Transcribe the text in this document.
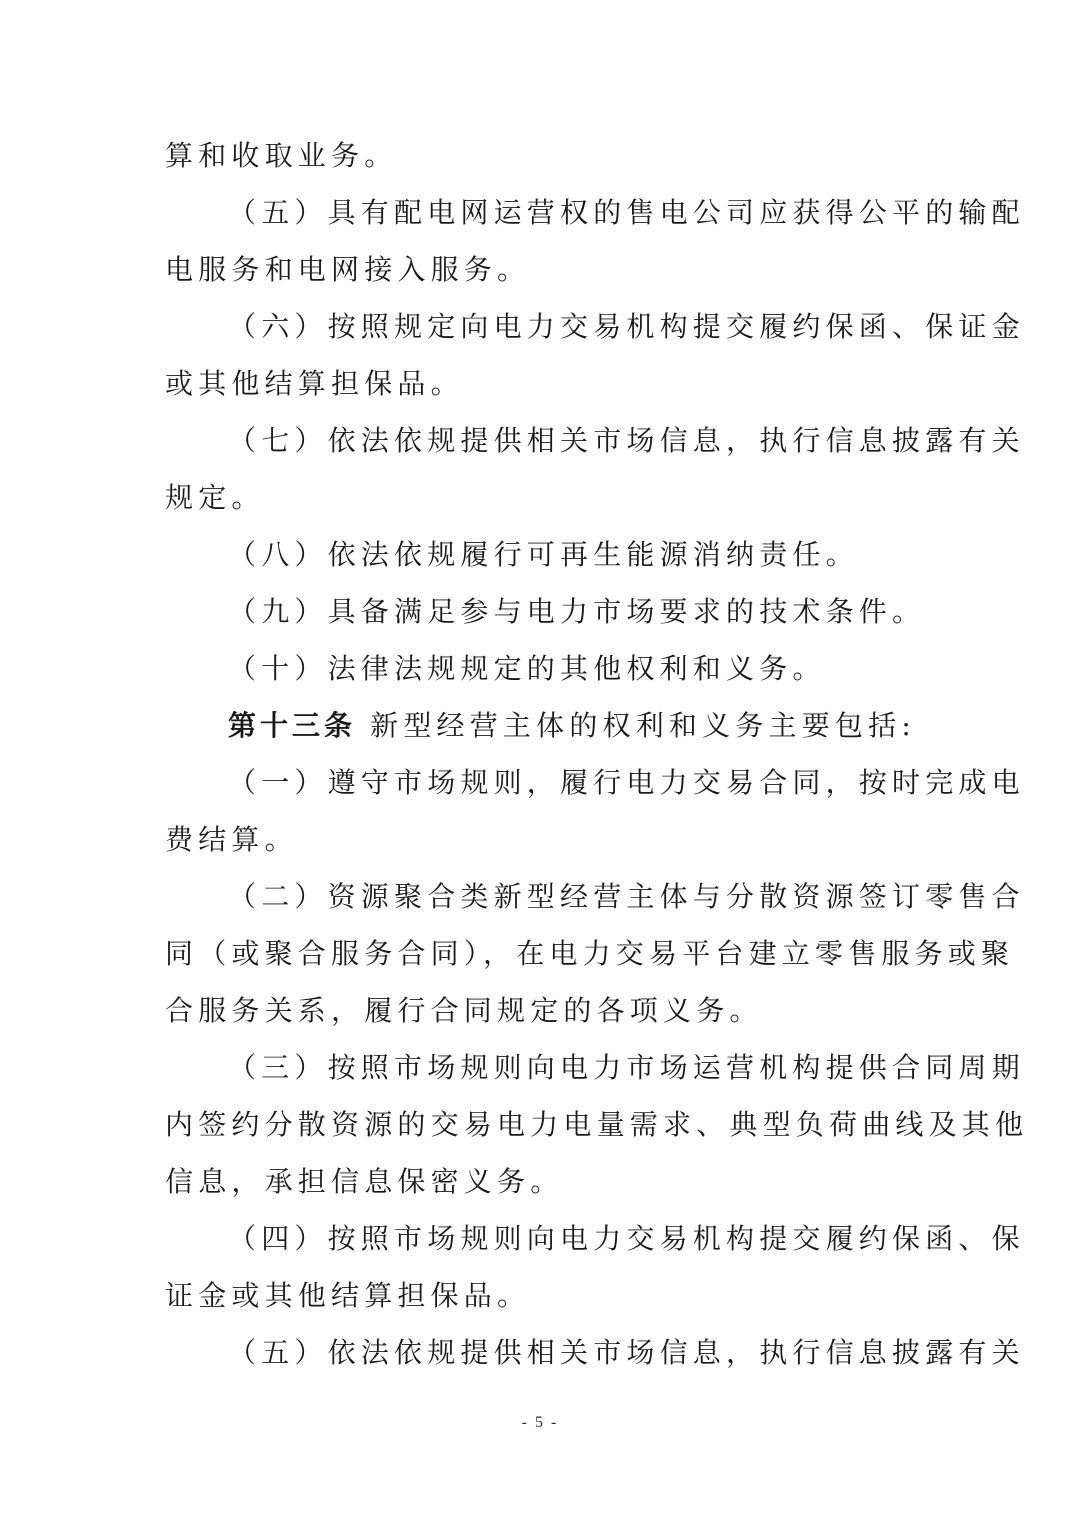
算和收取业务。
（五）具有配电网运营权的售电公司应获得公平的输配
电服务和电网接入服务。
（六）按照规定向电力交易机构提交履约保函、保证金
或其他结算担保品。
（七）依法依规提供相关市场信息，执行信息披露有关
规定。
（八）依法依规履行可再生能源消纳责任。
（九）具备满足参与电力市场要求的技术条件。
（十）法律法规规定的其他权利和义务。
第十三条 新型经营主体的权利和义务主要包括:
（一）遵守市场规则，履行电力交易合同，按时完成电
费结算。
（二）资源聚合类新型经营主体与分散资源签订零售合
同（或聚合服务合同），在电力交易平台建立零售服务或聚
合服务关系，履行合同规定的各项义务。
（三）按照市场规则向电力市场运营机构提供合同周期
内签约分散资源的交易电力电量需求、典型负荷曲线及其他
信息，承担信息保密义务。
（四）按照市场规则向电力交易机构提交履约保函、保
证金或其他结算担保品。
（五）依法依规提供相关市场信息，执行信息披露有关
- 5 -
